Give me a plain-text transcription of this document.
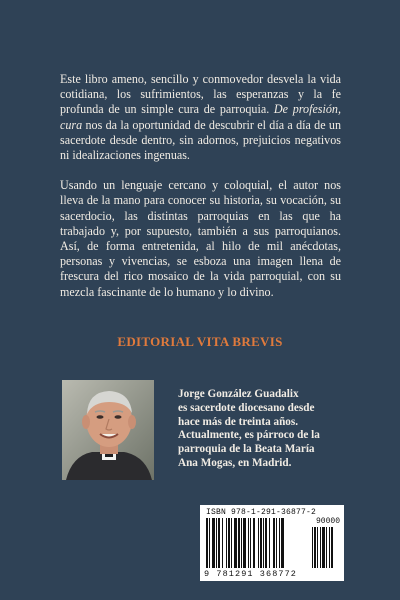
Este libro ameno, sencillo y conmovedor desvela la vida cotidiana, los sufrimientos, las esperanzas y la fe profunda de un simple cura de parroquia. De profesión, cura nos da la oportunidad de descubrir el día a día de un sacerdote desde dentro, sin adornos, prejuicios negativos ni idealizaciones ingenuas.

Usando un lenguaje cercano y coloquial, el autor nos lleva de la mano para conocer su historia, su vocación, su sacerdocio, las distintas parroquias en las que ha trabajado y, por supuesto, también a sus parroquianos. Así, de forma entretenida, al hilo de mil anécdotas, personas y vivencias, se esboza una imagen llena de frescura del rico mosaico de la vida parroquial, con su mezcla fascinante de lo humano y lo divino.

EDITORIAL VITA BREVIS
Jorge González Guadalix
es sacerdote diocesano desde
hace más de treinta años.
Actualmente, es párroco de la
parroquia de la Beata María
Ana Mogas, en Madrid.
ISBN 978-1-291-36877-2
90000
9 781291 368772
